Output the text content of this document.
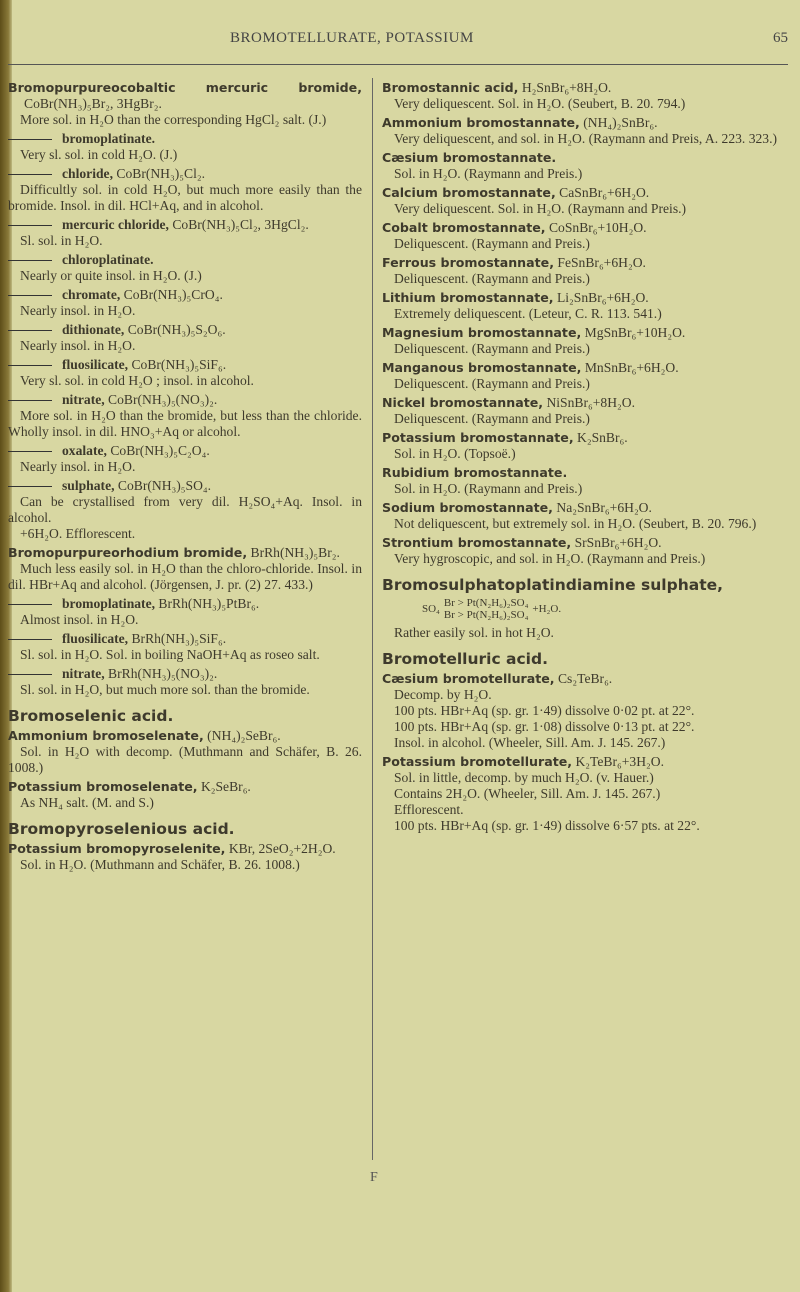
BROMOTELLURATE, POTASSIUM	65
Bromopurpureocobaltic mercuric bromide, CoBr(NH₃)₅Br₂, 3HgBr₂.
More sol. in H₂O than the corresponding HgCl₂ salt. (J.)
bromoplatinate.
Very sl. sol. in cold H₂O. (J.)
chloride, CoBr(NH₃)₅Cl₂.
Difficultly sol. in cold H₂O, but much more easily than the bromide. Insol. in dil. HCl+Aq, and in alcohol.
mercuric chloride, CoBr(NH₃)₅Cl₂, 3HgCl₂.
Sl. sol. in H₂O.
chloroplatinate.
Nearly or quite insol. in H₂O. (J.)
chromate, CoBr(NH₃)₅CrO₄.
Nearly insol. in H₂O.
dithionate, CoBr(NH₃)₅S₂O₆.
Nearly insol. in H₂O.
fluosilicate, CoBr(NH₃)₅SiF₆.
Very sl. sol. in cold H₂O ; insol. in alcohol.
nitrate, CoBr(NH₃)₅(NO₃)₂.
More sol. in H₂O than the bromide, but less than the chloride. Wholly insol. in dil. HNO₃+Aq or alcohol.
oxalate, CoBr(NH₃)₅C₂O₄.
Nearly insol. in H₂O.
sulphate, CoBr(NH₃)₅SO₄.
Can be crystallised from very dil. H₂SO₄+Aq. Insol. in alcohol.
+6H₂O. Efflorescent.
Bromopurpureorhodium bromide, BrRh(NH₃)₅Br₂.
Much less easily sol. in H₂O than the chloro-chloride. Insol. in dil. HBr+Aq and alcohol. (Jörgensen, J. pr. (2) 27. 433.)
bromoplatinate, BrRh(NH₃)₅PtBr₆.
Almost insol. in H₂O.
fluosilicate, BrRh(NH₃)₅SiF₆.
Sl. sol. in H₂O. Sol. in boiling NaOH+Aq as roseo salt.
nitrate, BrRh(NH₃)₅(NO₃)₂.
Sl. sol. in H₂O, but much more sol. than the bromide.
Bromoselenic acid.
Ammonium bromoselenate, (NH₄)₂SeBr₆.
Sol. in H₂O with decomp. (Muthmann and Schäfer, B. 26. 1008.)
Potassium bromoselenate, K₂SeBr₆.
As NH₄ salt. (M. and S.)
Bromopyroselenious acid.
Potassium bromopyroselenite, KBr, 2SeO₂+2H₂O.
Sol. in H₂O. (Muthmann and Schäfer, B. 26. 1008.)
Bromostannic acid, H₂SnBr₆+8H₂O.
Very deliquescent. Sol. in H₂O. (Seubert, B. 20. 794.)
Ammonium bromostannate, (NH₄)₂SnBr₆.
Very deliquescent, and sol. in H₂O. (Raymann and Preis, A. 223. 323.)
Cæsium bromostannate.
Sol. in H₂O. (Raymann and Preis.)
Calcium bromostannate, CaSnBr₆+6H₂O.
Very deliquescent. Sol. in H₂O. (Raymann and Preis.)
Cobalt bromostannate, CoSnBr₆+10H₂O.
Deliquescent. (Raymann and Preis.)
Ferrous bromostannate, FeSnBr₆+6H₂O.
Deliquescent. (Raymann and Preis.)
Lithium bromostannate, Li₂SnBr₆+6H₂O.
Extremely deliquescent. (Leteur, C. R. 113. 541.)
Magnesium bromostannate, MgSnBr₆+10H₂O.
Deliquescent. (Raymann and Preis.)
Manganous bromostannate, MnSnBr₆+6H₂O.
Deliquescent. (Raymann and Preis.)
Nickel bromostannate, NiSnBr₆+8H₂O.
Deliquescent. (Raymann and Preis.)
Potassium bromostannate, K₂SnBr₆.
Sol. in H₂O. (Topsoë.)
Rubidium bromostannate.
Sol. in H₂O. (Raymann and Preis.)
Sodium bromostannate, Na₂SnBr₆+6H₂O.
Not deliquescent, but extremely sol. in H₂O. (Seubert, B. 20. 796.)
Strontium bromostannate, SrSnBr₆+6H₂O.
Very hygroscopic, and sol. in H₂O. (Raymann and Preis.)
Bromosulphatoplatindiamine sulphate,
SO₄ Br > Pt(N₂H₆)₂SO₄
Br > Pt(N₂H₆)₂SO₄ +H₂O.
Rather easily sol. in hot H₂O.
Bromotelluric acid.
Cæsium bromotellurate, Cs₂TeBr₆.
Decomp. by H₂O.
100 pts. HBr+Aq (sp. gr. 1·49) dissolve 0·02 pt. at 22°.
100 pts. HBr+Aq (sp. gr. 1·08) dissolve 0·13 pt. at 22°.
Insol. in alcohol. (Wheeler, Sill. Am. J. 145. 267.)
Potassium bromotellurate, K₂TeBr₆+3H₂O.
Sol. in little, decomp. by much H₂O. (v. Hauer.)
Contains 2H₂O. (Wheeler, Sill. Am. J. 145. 267.)
Efflorescent.
100 pts. HBr+Aq (sp. gr. 1·49) dissolve 6·57 pts. at 22°.
F
